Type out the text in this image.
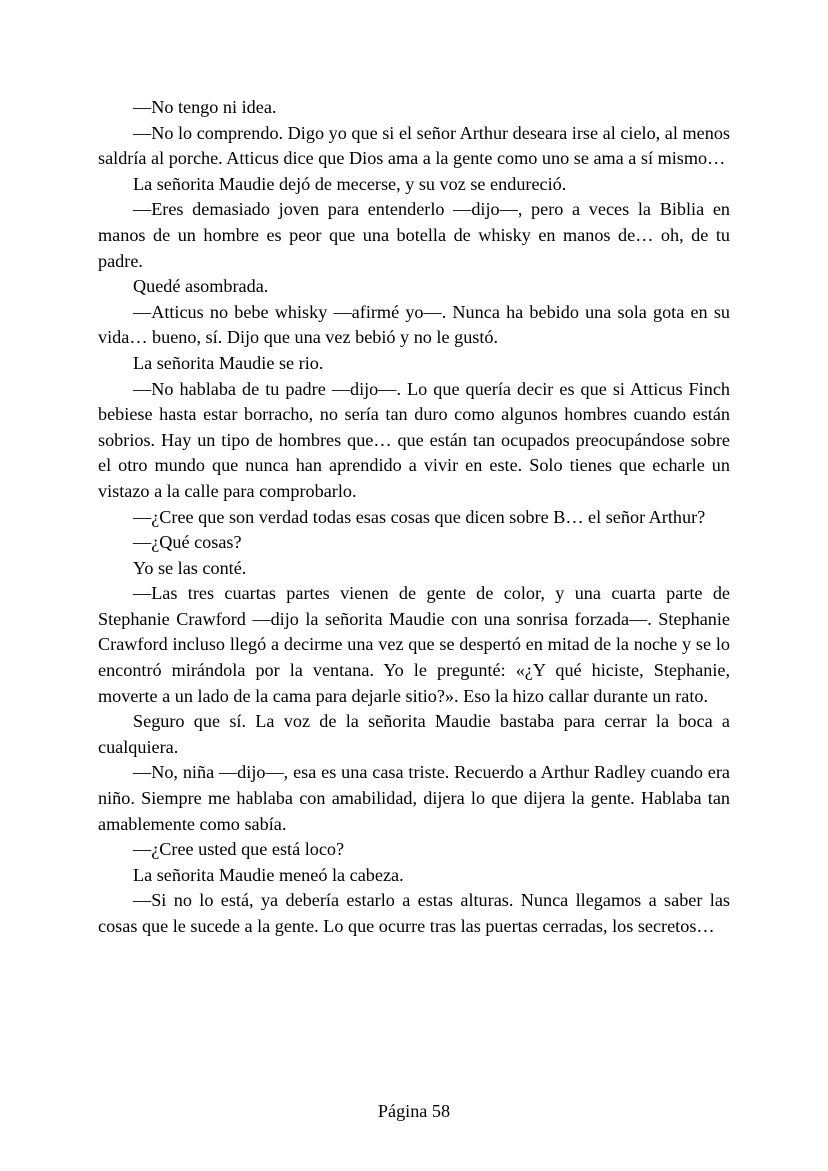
—No tengo ni idea.

—No lo comprendo. Digo yo que si el señor Arthur deseara irse al cielo, al menos saldría al porche. Atticus dice que Dios ama a la gente como uno se ama a sí mismo…

La señorita Maudie dejó de mecerse, y su voz se endureció.

—Eres demasiado joven para entenderlo —dijo—, pero a veces la Biblia en manos de un hombre es peor que una botella de whisky en manos de… oh, de tu padre.

Quedé asombrada.

—Atticus no bebe whisky —afirmé yo—. Nunca ha bebido una sola gota en su vida… bueno, sí. Dijo que una vez bebió y no le gustó.

La señorita Maudie se rio.

—No hablaba de tu padre —dijo—. Lo que quería decir es que si Atticus Finch bebiese hasta estar borracho, no sería tan duro como algunos hombres cuando están sobrios. Hay un tipo de hombres que… que están tan ocupados preocupándose sobre el otro mundo que nunca han aprendido a vivir en este. Solo tienes que echarle un vistazo a la calle para comprobarlo.

—¿Cree que son verdad todas esas cosas que dicen sobre B… el señor Arthur?

—¿Qué cosas?

Yo se las conté.

—Las tres cuartas partes vienen de gente de color, y una cuarta parte de Stephanie Crawford —dijo la señorita Maudie con una sonrisa forzada—. Stephanie Crawford incluso llegó a decirme una vez que se despertó en mitad de la noche y se lo encontró mirándola por la ventana. Yo le pregunté: «¿Y qué hiciste, Stephanie, moverte a un lado de la cama para dejarle sitio?». Eso la hizo callar durante un rato.

Seguro que sí. La voz de la señorita Maudie bastaba para cerrar la boca a cualquiera.

—No, niña —dijo—, esa es una casa triste. Recuerdo a Arthur Radley cuando era niño. Siempre me hablaba con amabilidad, dijera lo que dijera la gente. Hablaba tan amablemente como sabía.

—¿Cree usted que está loco?

La señorita Maudie meneó la cabeza.

—Si no lo está, ya debería estarlo a estas alturas. Nunca llegamos a saber las cosas que le sucede a la gente. Lo que ocurre tras las puertas cerradas, los secretos…

Página 58
